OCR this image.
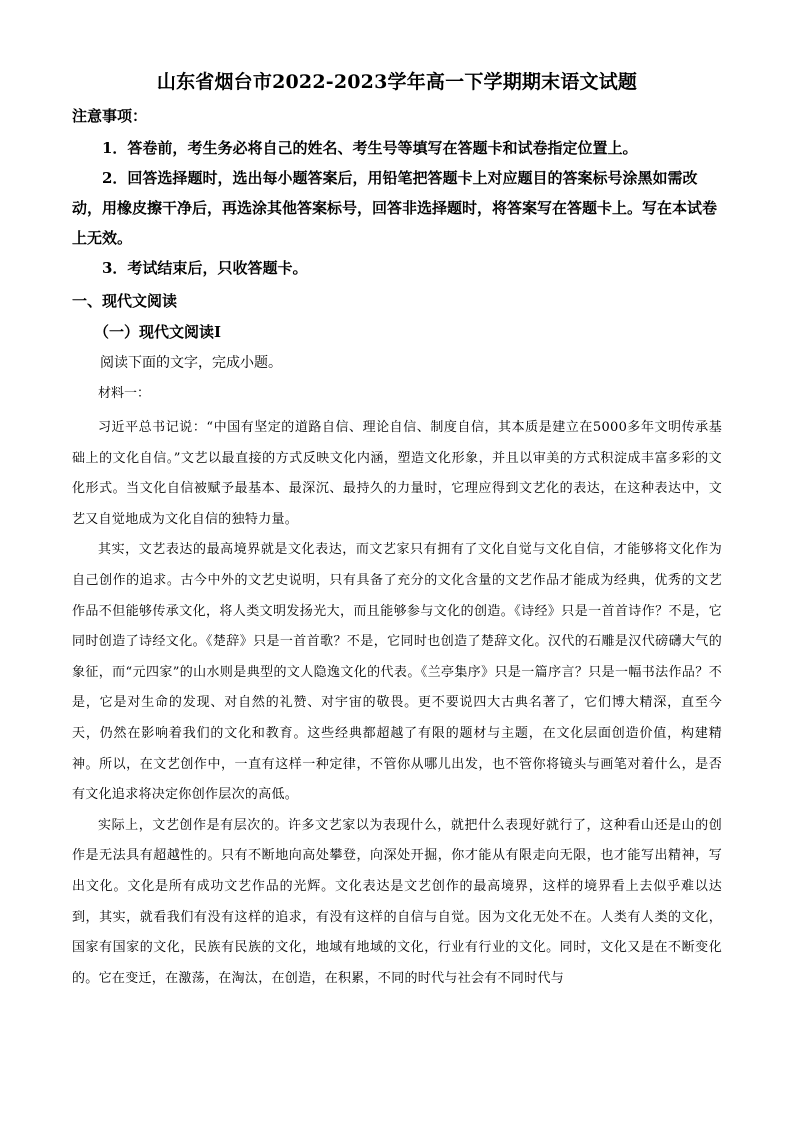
山东省烟台市2022-2023学年高一下学期期末语文试题
注意事项：

1．答卷前，考生务必将自己的姓名、考生号等填写在答题卡和试卷指定位置上。

2．回答选择题时，选出每小题答案后，用铅笔把答题卡上对应题目的答案标号涂黑如需改动，用橡皮擦干净后，再选涂其他答案标号，回答非选择题时，将答案写在答题卡上。写在本试卷上无效。

3．考试结束后，只收答题卡。

一、现代文阅读
（一）现代文阅读Ⅰ

阅读下面的文字，完成小题。

材料一：

习近平总书记说：“中国有坚定的道路自信、理论自信、制度自信，其本质是建立在5000多年文明传承基础上的文化自信。”文艺以最直接的方式反映文化内涵，塑造文化形象，并且以审美的方式积淀成丰富多彩的文化形式。当文化自信被赋予最基本、最深沉、最持久的力量时，它理应得到文艺化的表达，在这种表达中，文艺又自觉地成为文化自信的独特力量。

其实，文艺表达的最高境界就是文化表达，而文艺家只有拥有了文化自觉与文化自信，才能够将文化作为自己创作的追求。古今中外的文艺史说明，只有具备了充分的文化含量的文艺作品才能成为经典，优秀的文艺作品不但能够传承文化，将人类文明发扬光大，而且能够参与文化的创造。《诗经》只是一首首诗作？不是，它同时创造了诗经文化。《楚辞》只是一首首歌？不是，它同时也创造了楚辞文化。汉代的石雕是汉代磅礴大气的象征，而“元四家”的山水则是典型的文人隐逸文化的代表。《兰亭集序》只是一篇序言？只是一幅书法作品？不是，它是对生命的发现、对自然的礼赞、对宇宙的敬畏。更不要说四大古典名著了，它们博大精深，直至今天，仍然在影响着我们的文化和教育。这些经典都超越了有限的题材与主题，在文化层面创造价值，构建精神。所以，在文艺创作中，一直有这样一种定律，不管你从哪儿出发，也不管你将镜头与画笔对着什么，是否有文化追求将决定你创作层次的高低。

实际上，文艺创作是有层次的。许多文艺家以为表现什么，就把什么表现好就行了，这种看山还是山的创作是无法具有超越性的。只有不断地向高处攀登，向深处开掘，你才能从有限走向无限，也才能写出精神，写出文化。文化是所有成功文艺作品的光辉。文化表达是文艺创作的最高境界，这样的境界看上去似乎难以达到，其实，就看我们有没有这样的追求，有没有这样的自信与自觉。因为文化无处不在。人类有人类的文化，国家有国家的文化，民族有民族的文化，地域有地域的文化，行业有行业的文化。同时，文化又是在不断变化的。它在变迁，在激荡，在淘汰，在创造，在积累，不同的时代与社会有不同时代与
